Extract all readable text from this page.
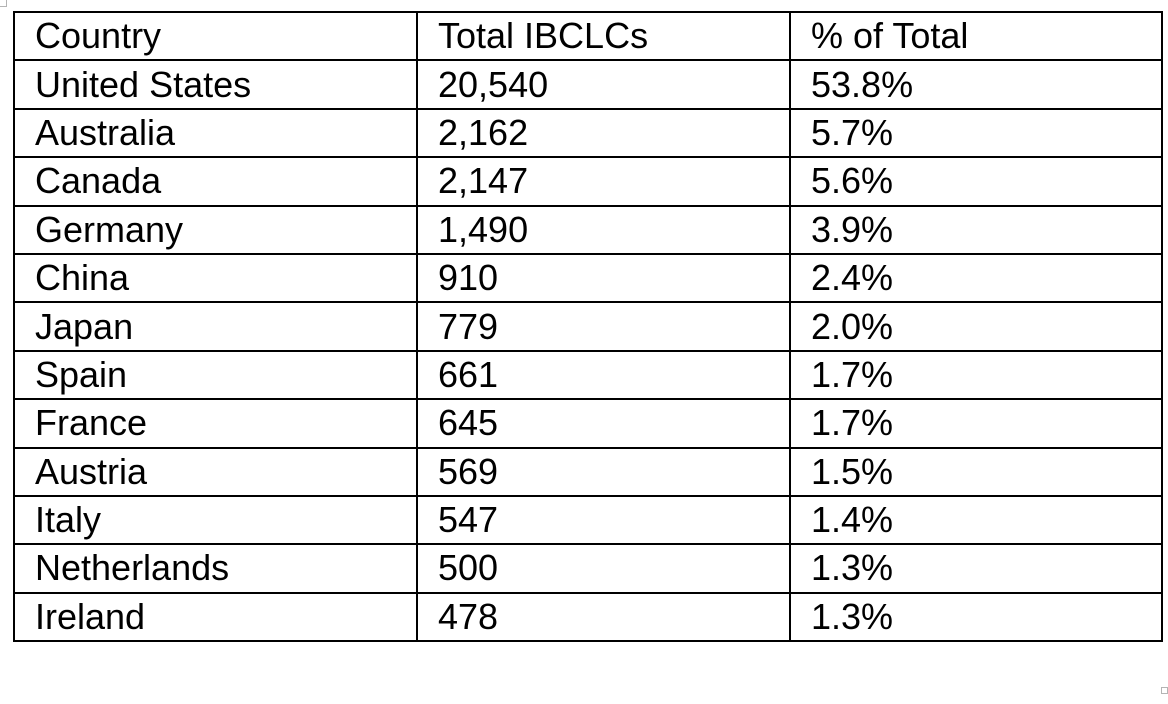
Country	Total IBCLCs	% of Total
United States	20,540	53.8%
Australia	2,162	5.7%
Canada	2,147	5.6%
Germany	1,490	3.9%
China	910	2.4%
Japan	779	2.0%
Spain	661	1.7%
France	645	1.7%
Austria	569	1.5%
Italy	547	1.4%
Netherlands	500	1.3%
Ireland	478	1.3%
